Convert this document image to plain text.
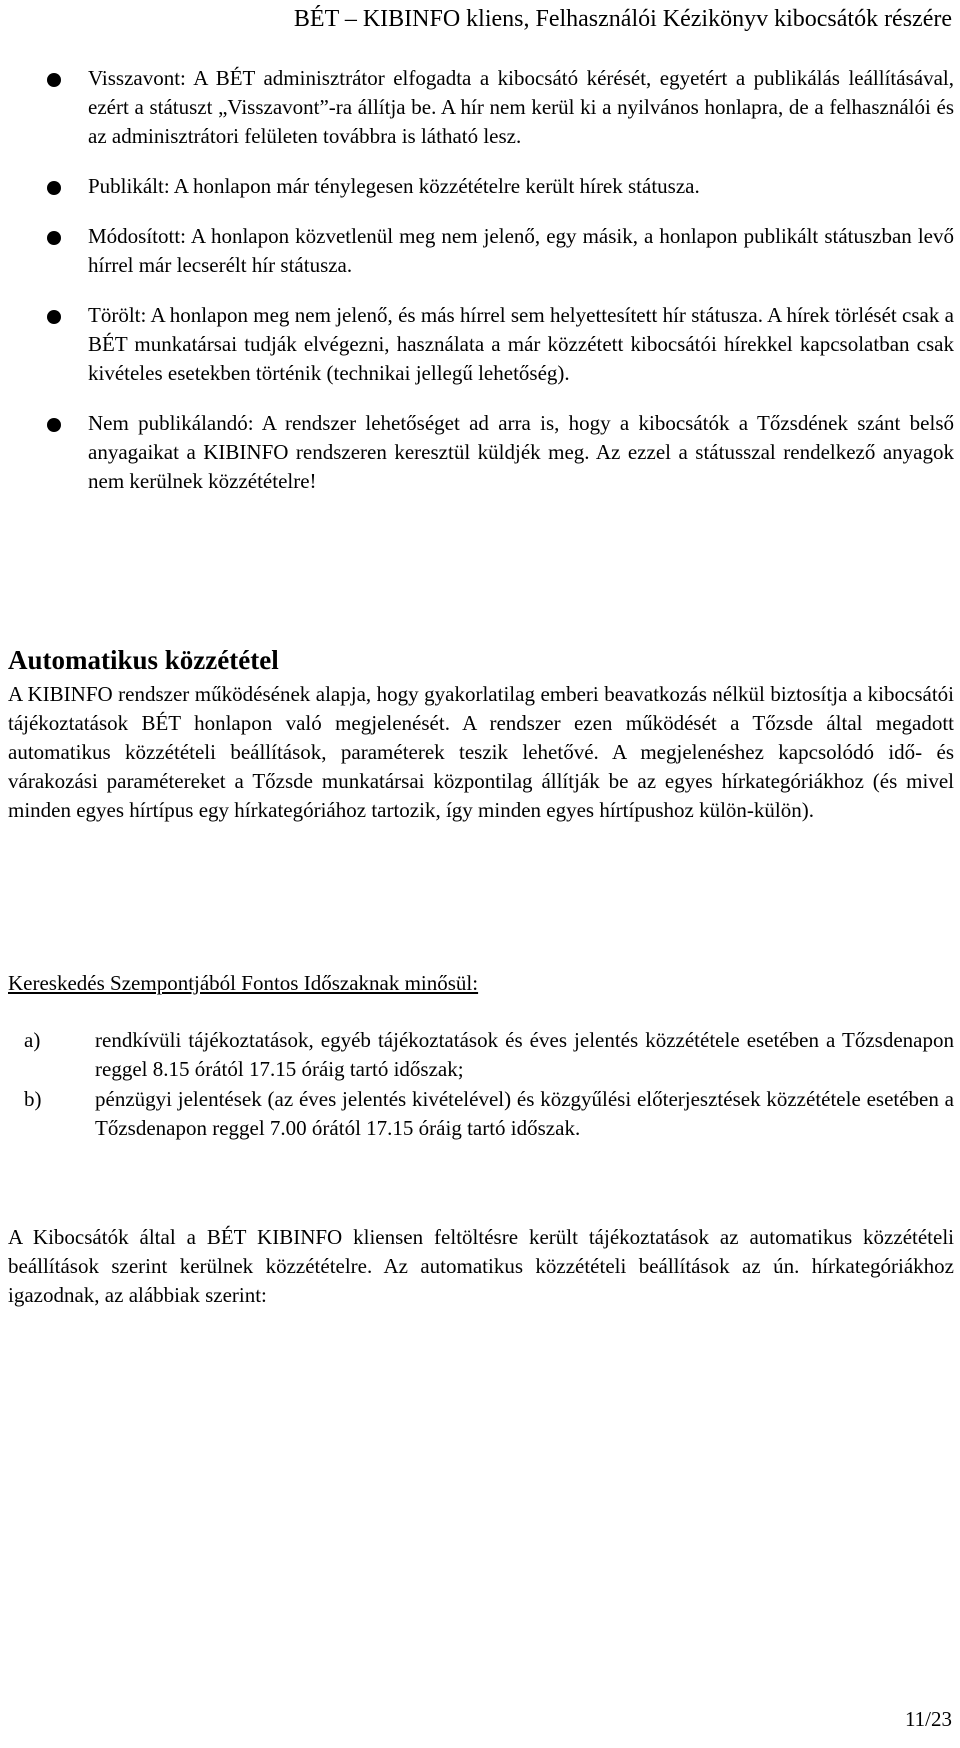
BÉT – KIBINFO kliens, Felhasználói Kézikönyv kibocsátók részére
Visszavont: A BÉT adminisztrátor elfogadta a kibocsátó kérését, egyetért a publikálás leállításával, ezért a státuszt „Visszavont”-ra állítja be. A hír nem kerül ki a nyilvános honlapra, de a felhasználói és az adminisztrátori felületen továbbra is látható lesz.
Publikált: A honlapon már ténylegesen közzétételre került hírek státusza.
Módosított: A honlapon közvetlenül meg nem jelenő, egy másik, a honlapon publikált státuszban levő hírrel már lecserélt hír státusza.
Törölt: A honlapon meg nem jelenő, és más hírrel sem helyettesített hír státusza. A hírek törlését csak a BÉT munkatársai tudják elvégezni, használata a már közzétett kibocsátói hírekkel kapcsolatban csak kivételes esetekben történik (technikai jellegű lehetőség).
Nem publikálandó: A rendszer lehetőséget ad arra is, hogy a kibocsátók a Tőzsdének szánt belső anyagaikat a KIBINFO rendszeren keresztül küldjék meg. Az ezzel a státusszal rendelkező anyagok nem kerülnek közzétételre!
Automatikus közzététel
A KIBINFO rendszer működésének alapja, hogy gyakorlatilag emberi beavatkozás nélkül biztosítja a kibocsátói tájékoztatások BÉT honlapon való megjelenését. A rendszer ezen működését a Tőzsde által megadott automatikus közzétételi beállítások, paraméterek teszik lehetővé. A megjelenéshez kapcsolódó idő- és várakozási paramétereket a Tőzsde munkatársai központilag állítják be az egyes hírkategóriákhoz (és mivel minden egyes hírtípus egy hírkategóriához tartozik, így minden egyes hírtípushoz külön-külön).
Kereskedés Szempontjából Fontos Időszaknak minősül:
a)	rendkívüli tájékoztatások, egyéb tájékoztatások és éves jelentés közzététele esetében a Tőzsdenapon reggel 8.15 órától 17.15 óráig tartó időszak;
b)	pénzügyi jelentések (az éves jelentés kivételével) és közgyűlési előterjesztések közzététele esetében a Tőzsdenapon reggel 7.00 órától 17.15 óráig tartó időszak.
A Kibocsátók által a BÉT KIBINFO kliensen feltöltésre került tájékoztatások az automatikus közzétételi beállítások szerint kerülnek közzétételre. Az automatikus közzétételi beállítások az ún. hírkategóriákhoz igazodnak, az alábbiak szerint:
11/23
